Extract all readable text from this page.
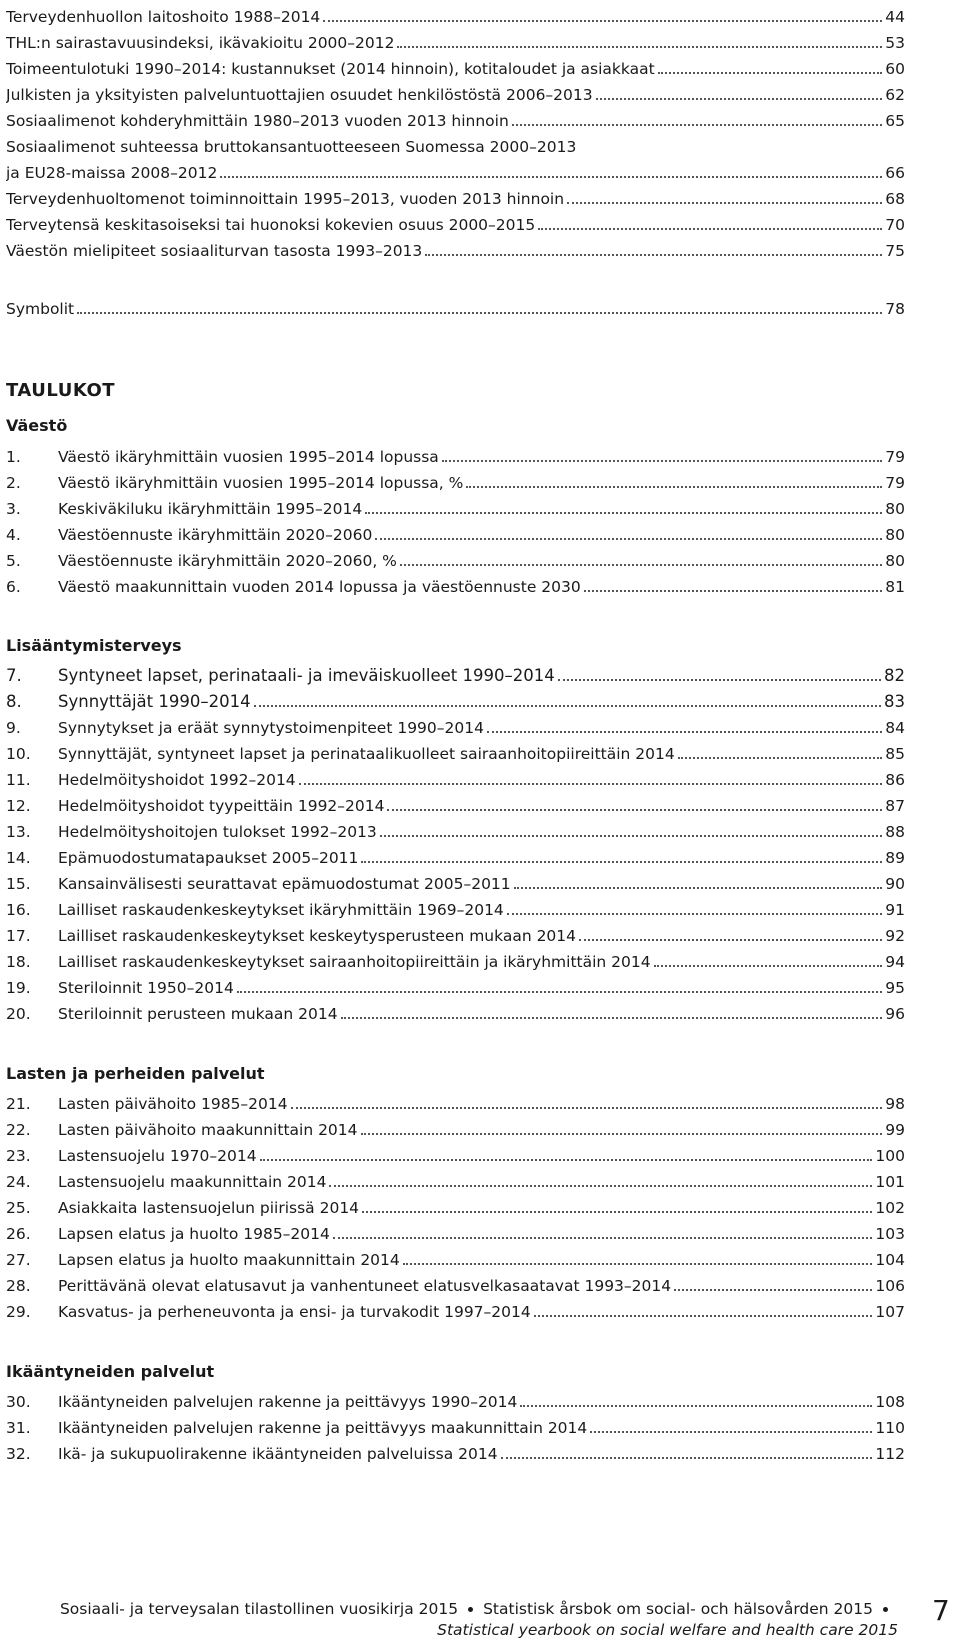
Terveydenhuollon laitoshoito 1988–2014	44
THL:n sairastavuusindeksi, ikävakioitu 2000–2012	53
Toimeentulotuki 1990–2014: kustannukset (2014 hinnoin), kotitaloudet ja asiakkaat	60
Julkisten ja yksityisten palveluntuottajien osuudet henkilöstöstä 2006–2013	62
Sosiaalimenot kohderyhmittäin 1980–2013 vuoden 2013 hinnoin	65
Sosiaalimenot suhteessa bruttokansantuotteeseen Suomessa 2000–2013
ja EU28-maissa 2008–2012	66
Terveydenhuoltomenot toiminnoittain 1995–2013, vuoden 2013 hinnoin	68
Terveytensä keskitasoiseksi tai huonoksi kokevien osuus 2000–2015	70
Väestön mielipiteet sosiaaliturvan tasosta 1993–2013	75
Symbolit	78
TAULUKOT
Väestö
1. Väestö ikäryhmittäin vuosien 1995–2014 lopussa	79
2. Väestö ikäryhmittäin vuosien 1995–2014 lopussa, %	79
3. Keskiväkiluku ikäryhmittäin 1995–2014	80
4. Väestöennuste ikäryhmittäin 2020–2060	80
5. Väestöennuste ikäryhmittäin 2020–2060, %	80
6. Väestö maakunnittain vuoden 2014 lopussa ja väestöennuste 2030	81
Lisääntymisterveys
7. Syntyneet lapset, perinataali- ja imeväiskuolleet 1990–2014	82
8. Synnyttäjät 1990–2014	83
9. Synnytykset ja eräät synnytystoimenpiteet 1990–2014	84
10. Synnyttäjät, syntyneet lapset ja perinataalikuolleet sairaanhoitopiireittäin 2014	85
11. Hedelmöityshoidot 1992–2014	86
12. Hedelmöityshoidot tyypeittäin 1992–2014	87
13. Hedelmöityshoitojen tulokset 1992–2013	88
14. Epämuodostumatapaukset 2005–2011	89
15. Kansainvälisesti seurattavat epämuodostumat 2005–2011	90
16. Lailliset raskaudenkeskeytykset ikäryhmittäin 1969–2014	91
17. Lailliset raskaudenkeskeytykset keskeytysperusteen mukaan 2014	92
18. Lailliset raskaudenkeskeytykset sairaanhoitopiireittäin ja ikäryhmittäin 2014	94
19. Steriloinnit 1950–2014	95
20. Steriloinnit perusteen mukaan 2014	96
Lasten ja perheiden palvelut
21. Lasten päivähoito 1985–2014	98
22. Lasten päivähoito maakunnittain 2014	99
23. Lastensuojelu 1970–2014	100
24. Lastensuojelu maakunnittain 2014	101
25. Asiakkaita lastensuojelun piirissä 2014	102
26. Lapsen elatus ja huolto 1985–2014	103
27. Lapsen elatus ja huolto maakunnittain 2014	104
28. Perittävänä olevat elatusavut ja vanhentuneet elatusvelkasaatavat 1993–2014	106
29. Kasvatus- ja perheneuvonta ja ensi- ja turvakodit 1997–2014	107
Ikääntyneiden palvelut
30. Ikääntyneiden palvelujen rakenne ja peittävyys 1990–2014	108
31. Ikääntyneiden palvelujen rakenne ja peittävyys maakunnittain 2014	110
32. Ikä- ja sukupuolirakenne ikääntyneiden palveluissa 2014	112
Sosiaali- ja terveysalan tilastollinen vuosikirja 2015 Statistisk årsbok om social- och hälsovården 2015
Statistical yearbook on social welfare and health care 2015
7
